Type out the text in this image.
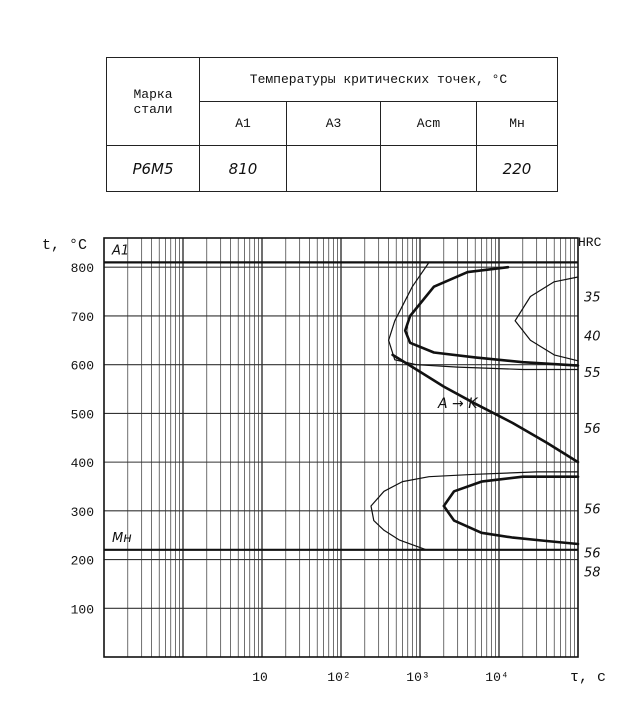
Марка стали	Температуры критических точек, °С			
	A1	A3	Acm	Мн
Р6М5	810			220
A1
Mн
100
200
300
400
500
600
700
800
10	10²	10³	10⁴
35
40
55
56
56
56
58
t, °C	HRC
τ, с
A → K
